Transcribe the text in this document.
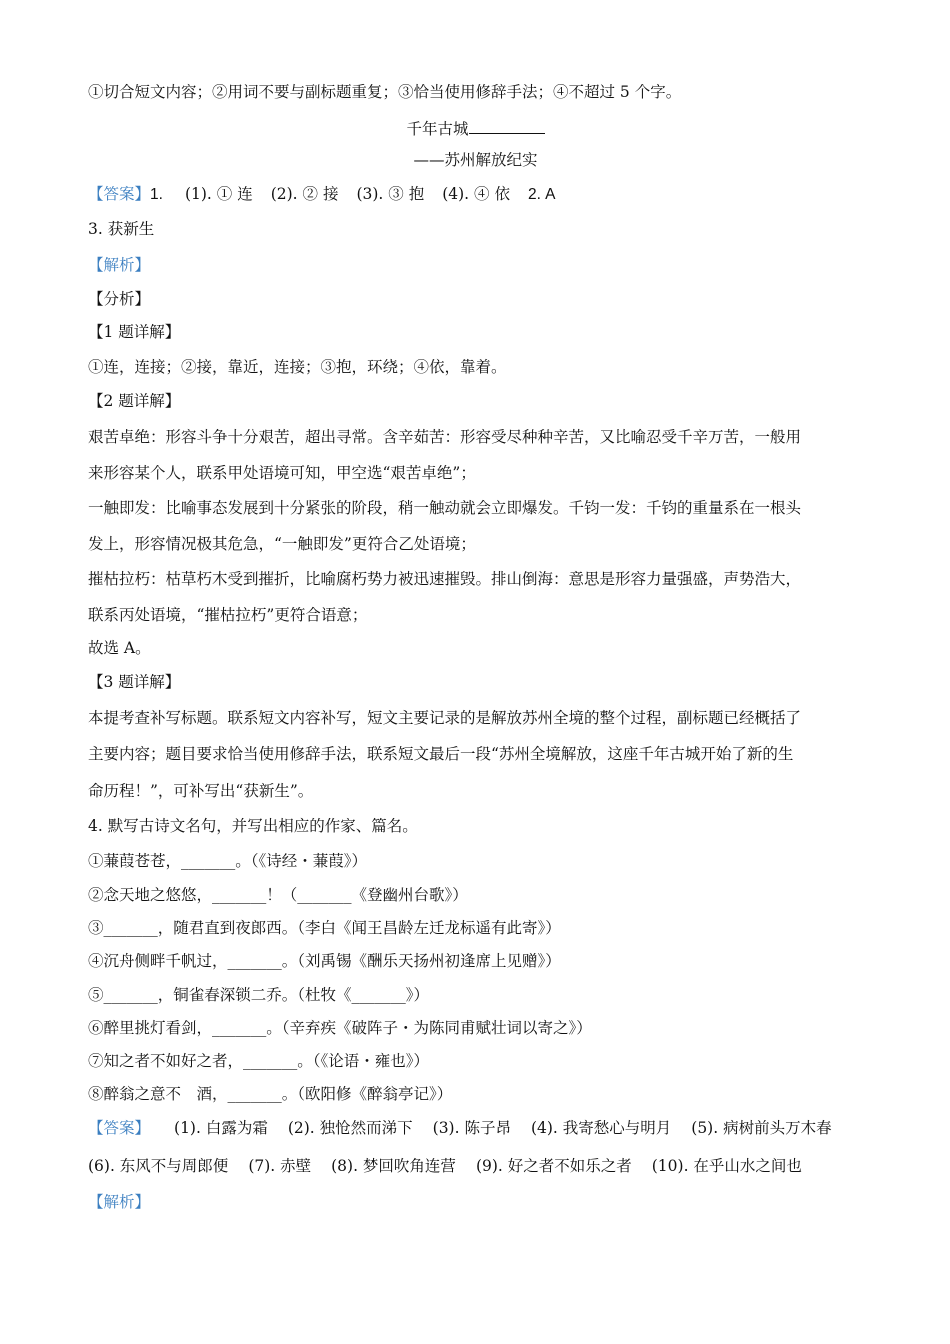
①切合短文内容；②用词不要与副标题重复；③恰当使用修辞手法；④不超过 5 个字。
千年古城
——苏州解放纪实
【答案】1. (1). ① 连 (2). ② 接 (3). ③ 抱 (4). ④ 依 2. A
3. 获新生
【解析】
【分析】
【1 题详解】
①连，连接；②接，靠近，连接；③抱，环绕；④依，靠着。
【2 题详解】
艰苦卓绝：形容斗争十分艰苦，超出寻常。含辛茹苦：形容受尽种种辛苦，又比喻忍受千辛万苦，一般用
来形容某个人，联系甲处语境可知，甲空选“艰苦卓绝”；
一触即发：比喻事态发展到十分紧张的阶段，稍一触动就会立即爆发。千钧一发：千钧的重量系在一根头
发上，形容情况极其危急，“一触即发”更符合乙处语境；
摧枯拉朽：枯草朽木受到摧折，比喻腐朽势力被迅速摧毁。排山倒海：意思是形容力量强盛，声势浩大，
联系丙处语境，“摧枯拉朽”更符合语意；
故选 A。
【3 题详解】
本提考查补写标题。联系短文内容补写，短文主要记录的是解放苏州全境的整个过程，副标题已经概括了
主要内容；题目要求恰当使用修辞手法，联系短文最后一段“苏州全境解放，这座千年古城开始了新的生
命历程！”，可补写出“获新生”。
4. 默写古诗文名句，并写出相应的作家、篇名。
①蒹葭苍苍，_______。（《诗经・蒹葭》）
②念天地之悠悠，_______！（_______《登幽州台歌》）
③_______，随君直到夜郎西。（李白《闻王昌龄左迁龙标遥有此寄》）
④沉舟侧畔千帆过，_______。（刘禹锡《酬乐天扬州初逢席上见赠》）
⑤_______，铜雀春深锁二乔。（杜牧《_______》）
⑥醉里挑灯看剑，_______。（辛弃疾《破阵子・为陈同甫赋壮词以寄之》）
⑦知之者不如好之者，_______。（《论语・雍也》）
⑧醉翁之意不　酒，_______。（欧阳修《醉翁亭记》）
【答案】 (1). 白露为霜 (2). 独怆然而涕下 (3). 陈子昂 (4). 我寄愁心与明月 (5). 病树前头万木春
(6). 东风不与周郎便 (7). 赤壁 (8). 梦回吹角连营 (9). 好之者不如乐之者 (10). 在乎山水之间也
【解析】
